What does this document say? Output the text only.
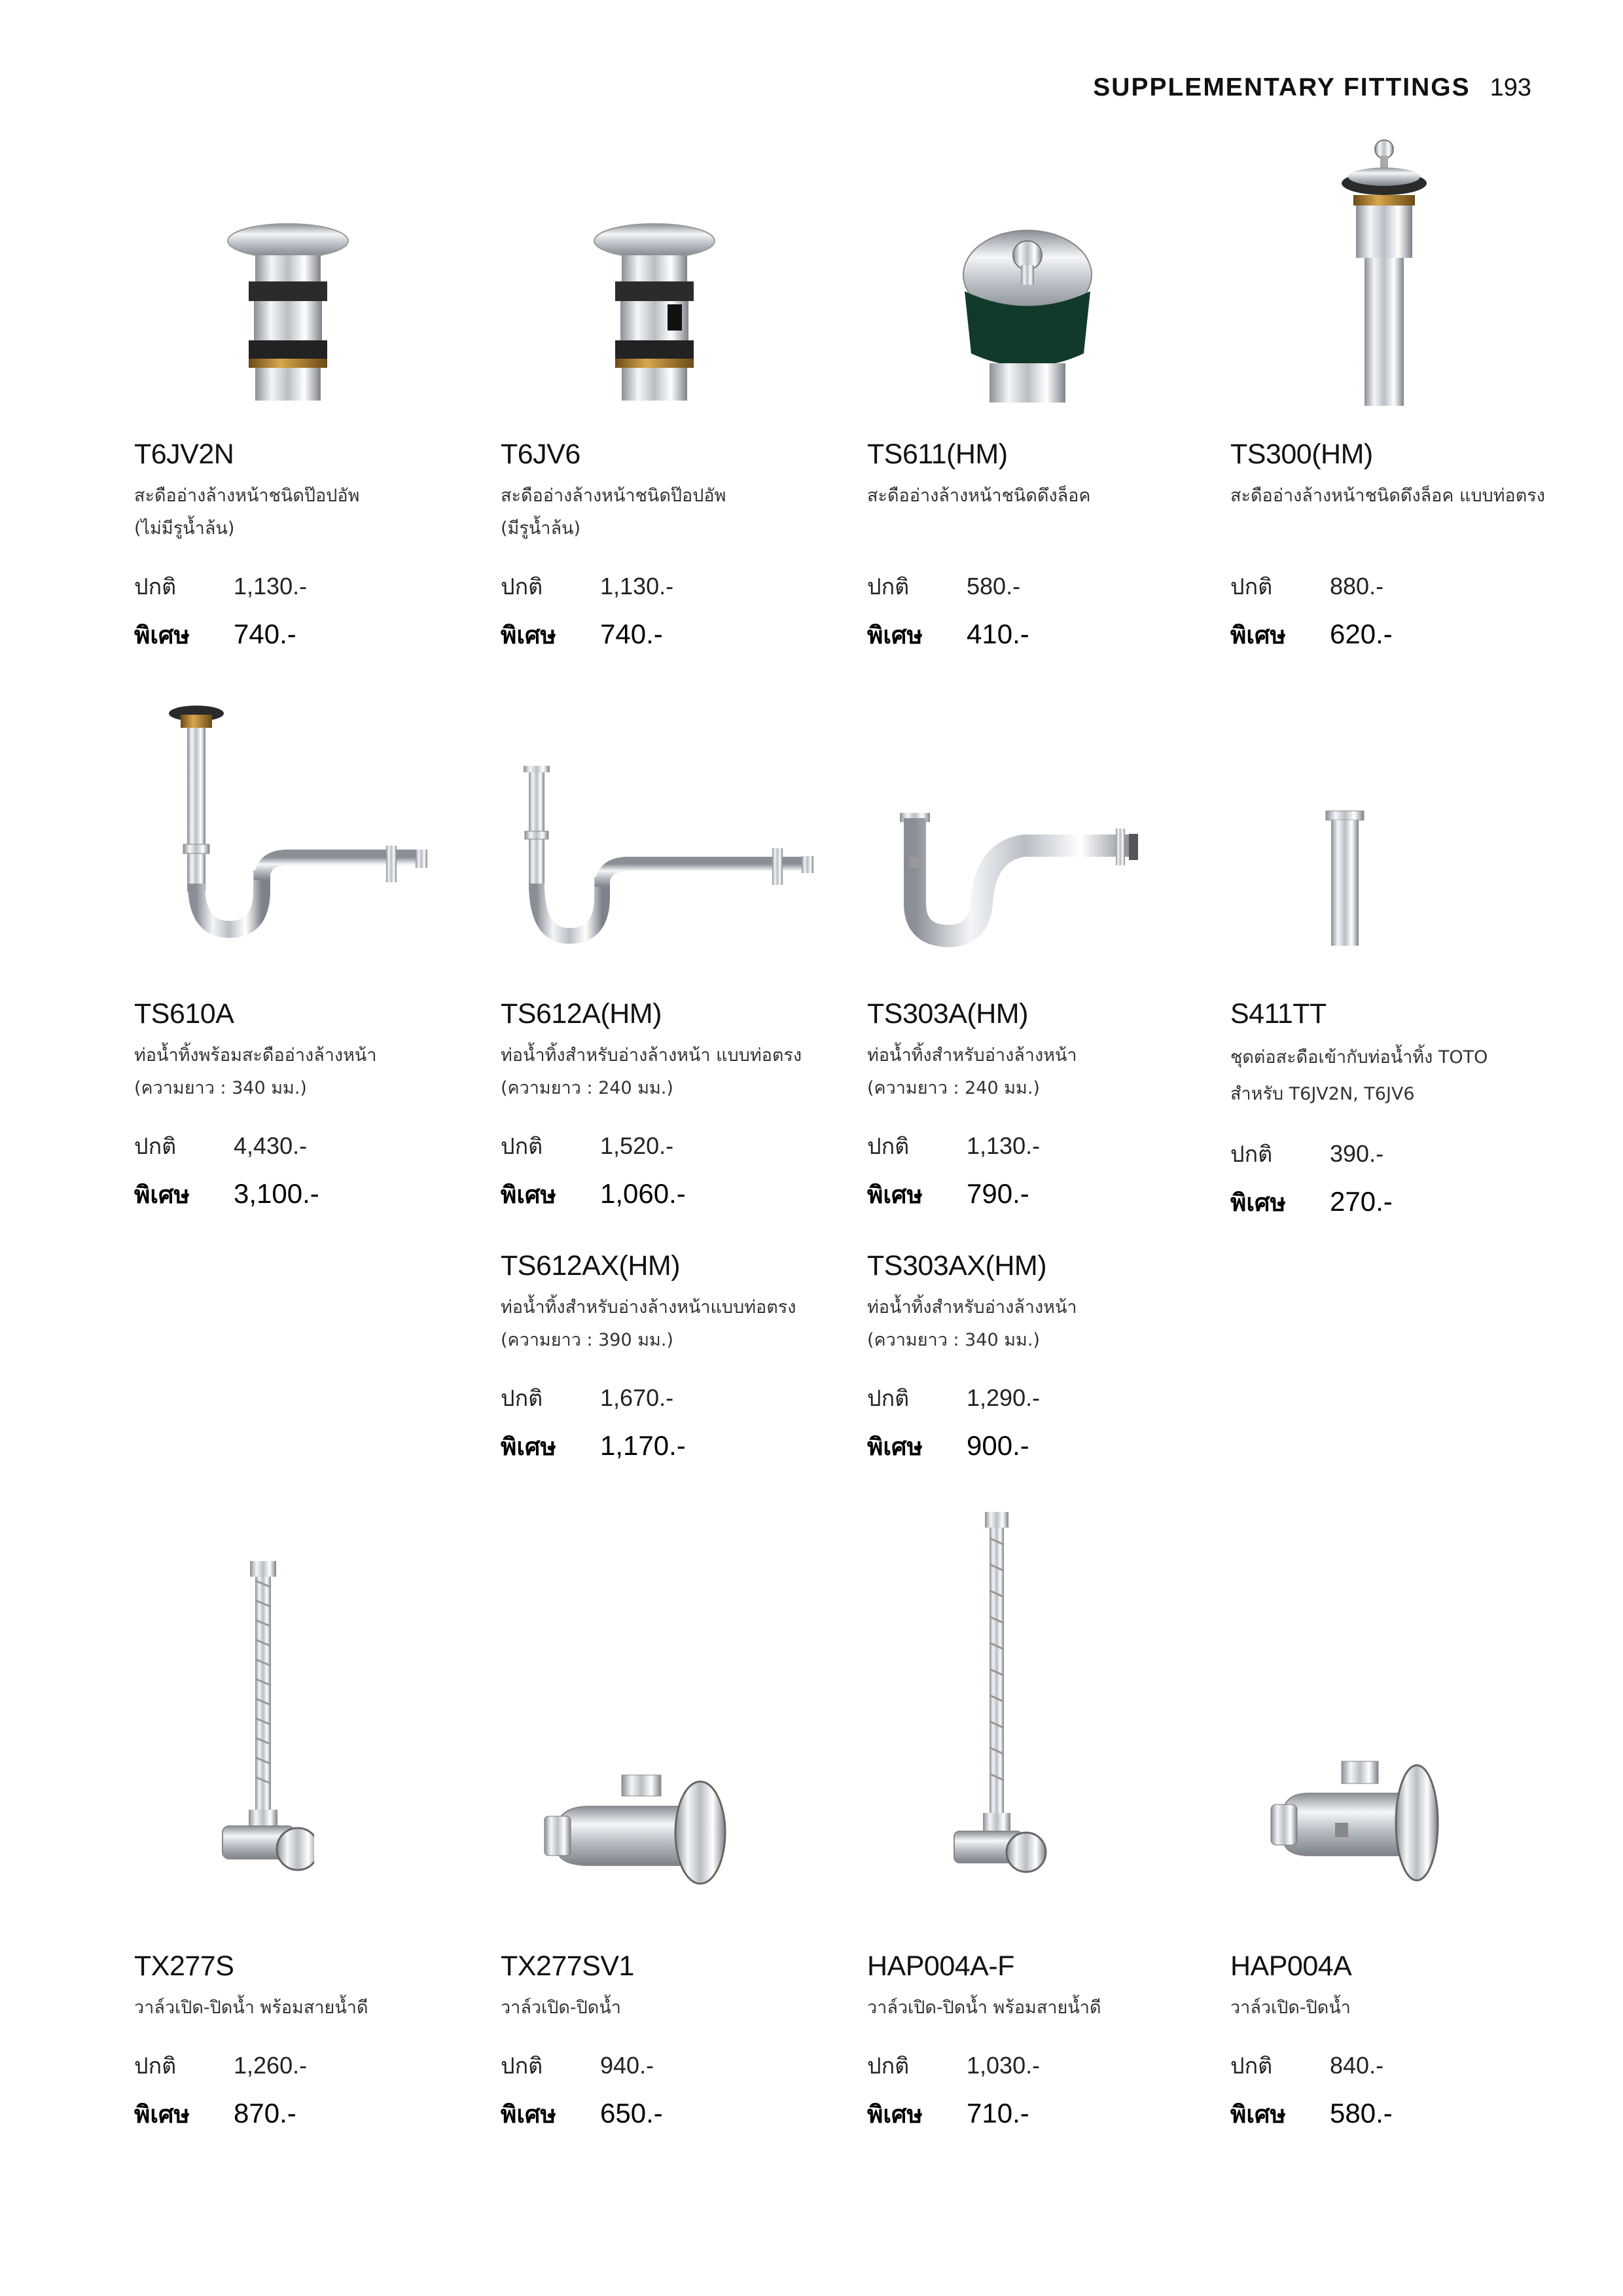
SUPPLEMENTARY FITTINGS 193
T6JV2N
สะดืออ่างล้างหน้าชนิดป๊อปอัพ
(ไม่มีรูน้ำล้น)
ปกติ	1,130.-
พิเศษ	740.-
T6JV6
สะดืออ่างล้างหน้าชนิดป๊อปอัพ
(มีรูน้ำล้น)
ปกติ	1,130.-
พิเศษ	740.-
TS611(HM)
สะดืออ่างล้างหน้าชนิดดึงล็อค
ปกติ	580.-
พิเศษ	410.-
TS300(HM)
สะดืออ่างล้างหน้าชนิดดึงล็อค แบบท่อตรง
ปกติ	880.-
พิเศษ	620.-
TS610A
ท่อน้ำทิ้งพร้อมสะดืออ่างล้างหน้า
(ความยาว : 340 มม.)
ปกติ	4,430.-
พิเศษ	3,100.-
TS612A(HM)
ท่อน้ำทิ้งสำหรับอ่างล้างหน้า แบบท่อตรง
(ความยาว : 240 มม.)
ปกติ	1,520.-
พิเศษ	1,060.-
TS303A(HM)
ท่อน้ำทิ้งสำหรับอ่างล้างหน้า
(ความยาว : 240 มม.)
ปกติ	1,130.-
พิเศษ	790.-
S411TT
ชุดต่อสะดือเข้ากับท่อน้ำทิ้ง TOTO
สำหรับ T6JV2N, T6JV6
ปกติ	390.-
พิเศษ	270.-
TS612AX(HM)
ท่อน้ำทิ้งสำหรับอ่างล้างหน้าแบบท่อตรง
(ความยาว : 390 มม.)
ปกติ	1,670.-
พิเศษ	1,170.-
TS303AX(HM)
ท่อน้ำทิ้งสำหรับอ่างล้างหน้า
(ความยาว : 340 มม.)
ปกติ	1,290.-
พิเศษ	900.-
TX277S
วาล์วเปิด-ปิดน้ำ พร้อมสายน้ำดี
ปกติ	1,260.-
พิเศษ	870.-
TX277SV1
วาล์วเปิด-ปิดน้ำ
ปกติ	940.-
พิเศษ	650.-
HAP004A-F
วาล์วเปิด-ปิดน้ำ พร้อมสายน้ำดี
ปกติ	1,030.-
พิเศษ	710.-
HAP004A
วาล์วเปิด-ปิดน้ำ
ปกติ	840.-
พิเศษ	580.-
